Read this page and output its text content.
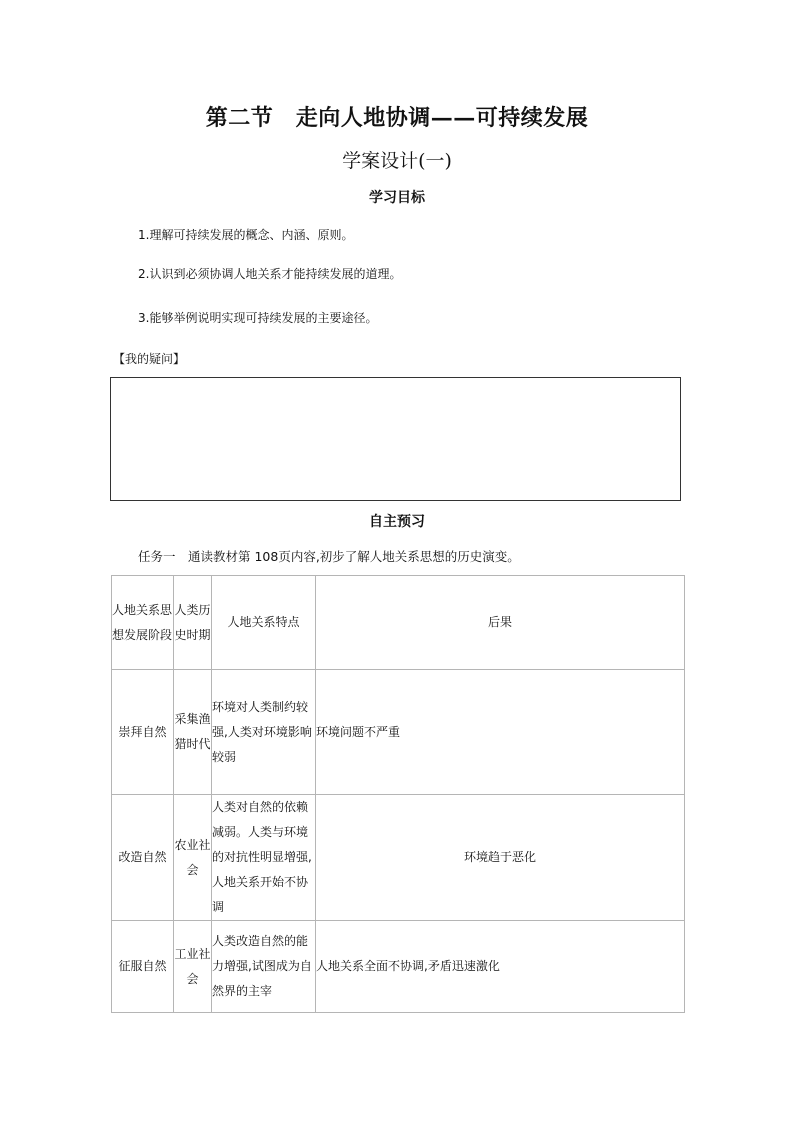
第二节　走向人地协调——可持续发展
学案设计(一)
学习目标
1.理解可持续发展的概念、内涵、原则。
2.认识到必须协调人地关系才能持续发展的道理。
3.能够举例说明实现可持续发展的主要途径。
【我的疑问】
自主预习
任务一　通读教材第 108页内容,初步了解人地关系思想的历史演变。
人地关系思想发展阶段	人类历史时期	人地关系特点	后果
崇拜自然	采集渔猎时代	环境对人类制约较强,人类对环境影响较弱	环境问题不严重
改造自然	农业社会	人类对自然的依赖减弱。人类与环境的对抗性明显增强,人地关系开始不协调	环境趋于恶化
征服自然	工业社会	人类改造自然的能力增强,试图成为自然界的主宰	人地关系全面不协调,矛盾迅速激化
